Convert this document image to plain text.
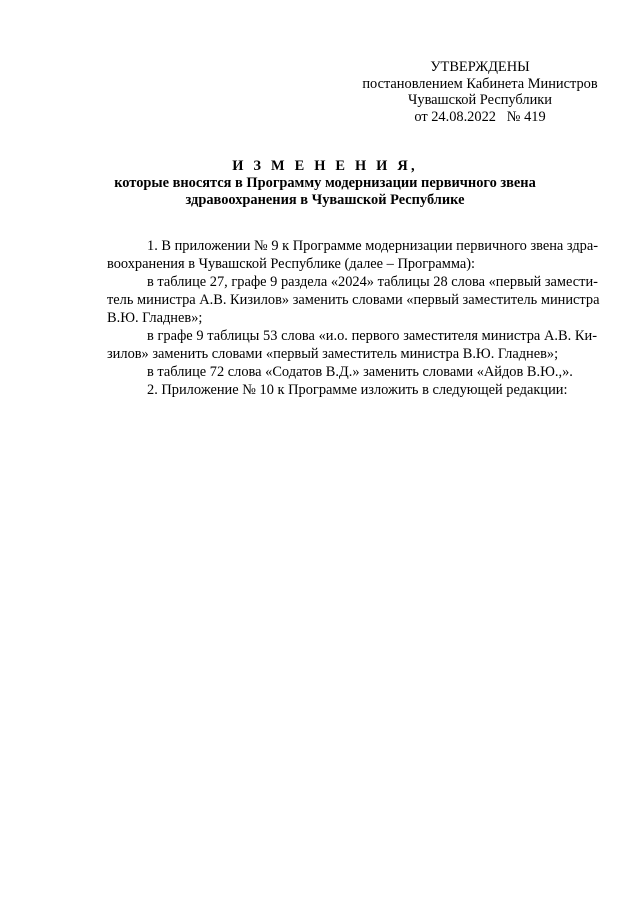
УТВЕРЖДЕНЫ
постановлением Кабинета Министров
Чувашской Республики
от 24.08.2022   № 419
И З М Е Н Е Н И Я,
которые вносятся в Программу модернизации первичного звена
здравоохранения в Чувашской Республике
1. В приложении № 9 к Программе модернизации первичного звена здра-
воохранения в Чувашской Республике (далее – Программа):
в таблице 27, графе 9 раздела «2024» таблицы 28 слова «первый замести-
тель министра А.В. Кизилов» заменить словами «первый заместитель министра
В.Ю. Гладнев»;
в графе 9 таблицы 53 слова «и.о. первого заместителя министра А.В. Ки-
зилов» заменить словами «первый заместитель министра В.Ю. Гладнев»;
в таблице 72 слова «Содатов В.Д.» заменить словами «Айдов В.Ю.,».
2. Приложение № 10 к Программе изложить в следующей редакции:
